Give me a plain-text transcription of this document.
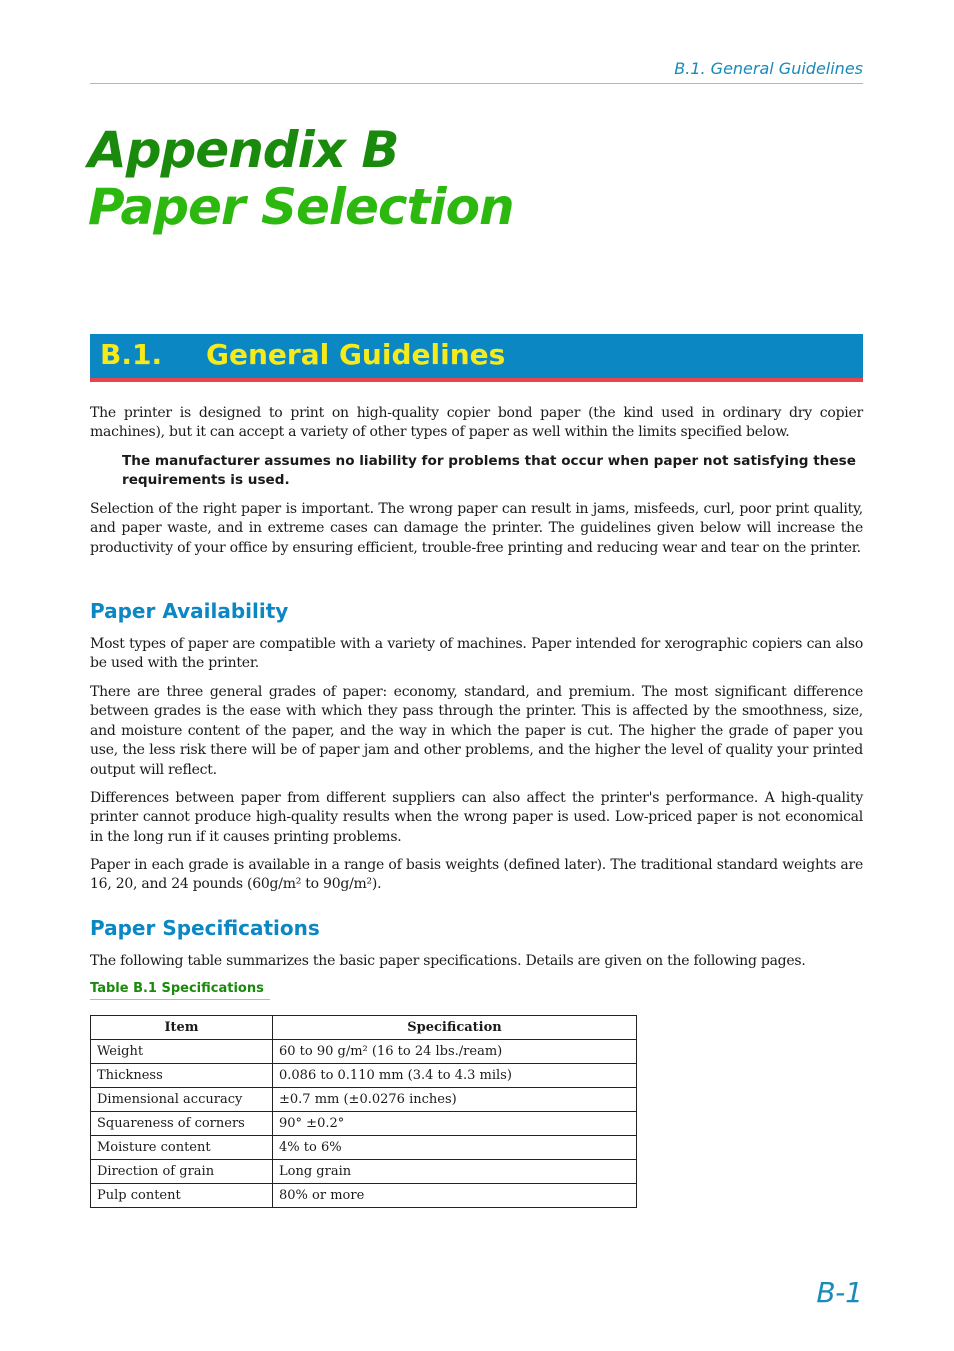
B.1. General Guidelines
Appendix B
Paper Selection
B.1. General Guidelines
The printer is designed to print on high-quality copier bond paper (the kind used in ordinary dry copier machines), but it can accept a variety of other types of paper as well within the limits specified below.
The manufacturer assumes no liability for problems that occur when paper not satisfying these requirements is used.
Selection of the right paper is important. The wrong paper can result in jams, misfeeds, curl, poor print quality, and paper waste, and in extreme cases can damage the printer. The guidelines given below will increase the productivity of your office by ensuring efficient, trouble-free printing and reducing wear and tear on the printer.
Paper Availability
Most types of paper are compatible with a variety of machines. Paper intended for xerographic copiers can also be used with the printer.
There are three general grades of paper: economy, standard, and premium. The most significant difference between grades is the ease with which they pass through the printer. This is affected by the smoothness, size, and moisture content of the paper, and the way in which the paper is cut. The higher the grade of paper you use, the less risk there will be of paper jam and other problems, and the higher the level of quality your printed output will reflect.
Differences between paper from different suppliers can also affect the printer's performance. A high-quality printer cannot produce high-quality results when the wrong paper is used. Low-priced paper is not economical in the long run if it causes printing problems.
Paper in each grade is available in a range of basis weights (defined later). The traditional standard weights are 16, 20, and 24 pounds (60g/m² to 90g/m²).
Paper Specifications
The following table summarizes the basic paper specifications. Details are given on the following pages.
Table B.1 Specifications
Item	Specification
Weight	60 to 90 g/m² (16 to 24 lbs./ream)
Thickness	0.086 to 0.110 mm (3.4 to 4.3 mils)
Dimensional accuracy	±0.7 mm (±0.0276 inches)
Squareness of corners	90° ±0.2°
Moisture content	4% to 6%
Direction of grain	Long grain
Pulp content	80% or more
B-1
